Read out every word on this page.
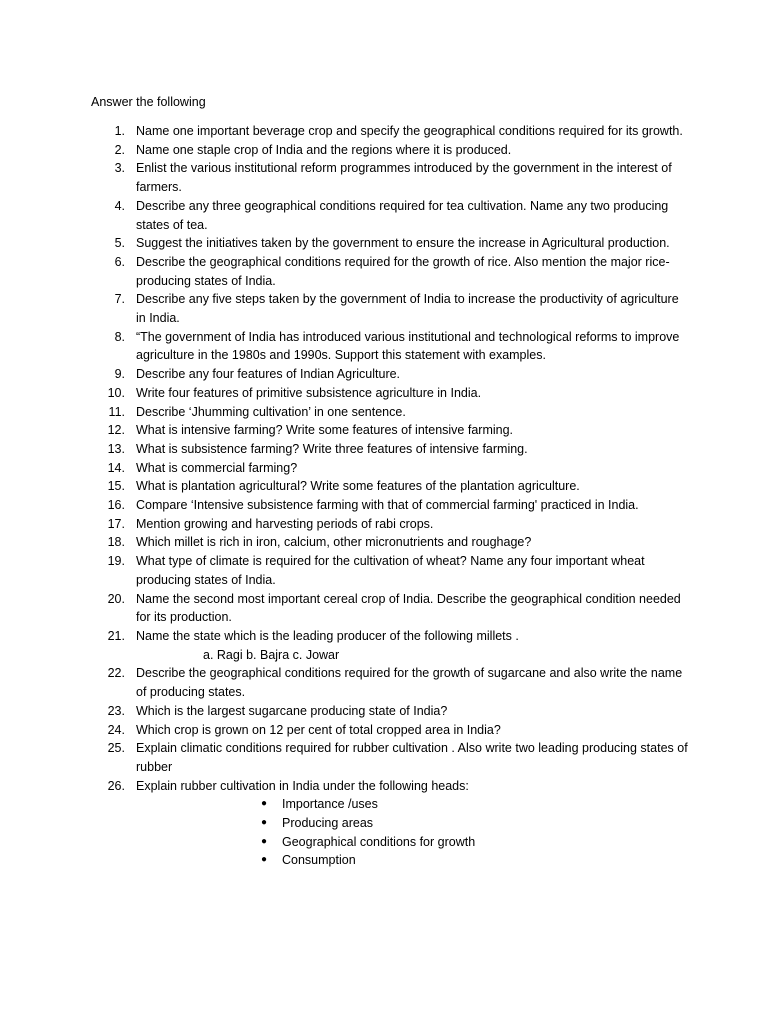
Answer the following
1. Name one important beverage crop and specify the geographical conditions required for its growth.
2. Name one staple crop of India and the regions where it is produced.
3. Enlist the various institutional reform programmes introduced by the government in the interest of farmers.
4. Describe any three geographical conditions required for tea cultivation. Name any two producing states of tea.
5. Suggest the initiatives taken by the government to ensure the increase in Agricultural production.
6. Describe the geographical conditions required for the growth of rice. Also mention the major rice-producing states of India.
7. Describe any five steps taken by the government of India to increase the productivity of agriculture in India.
8. “The government of India has introduced various institutional and technological reforms to improve agriculture in the 1980s and 1990s. Support this statement with examples.
9. Describe any four features of Indian Agriculture.
10. Write four features of primitive subsistence agriculture in India.
11. Describe ‘Jhumming cultivation’ in one sentence.
12. What is intensive farming? Write some features of intensive farming.
13. What is subsistence farming? Write three features of intensive farming.
14. What is commercial farming?
15. What is plantation agricultural? Write some features of the plantation agriculture.
16. Compare ‘Intensive subsistence farming with that of commercial farming' practiced in India.
17. Mention growing and harvesting periods of rabi crops.
18. Which millet is rich in iron, calcium, other micronutrients and roughage?
19. What type of climate is required for the cultivation of wheat? Name any four important wheat producing states of India.
20. Name the second most important cereal crop of India. Describe the geographical condition needed for its production.
21. Name the state which is the leading producer of the following millets .
a. Ragi b. Bajra c. Jowar
22. Describe the geographical conditions required for the growth of sugarcane and also write the name of producing states.
23. Which is the largest sugarcane producing state of India?
24. Which crop is grown on 12 per cent of total cropped area in India?
25. Explain climatic conditions required for rubber cultivation . Also write two leading producing states of rubber
26. Explain rubber cultivation in India under the following heads:
● Importance /uses
● Producing areas
● Geographical conditions for growth
● Consumption
